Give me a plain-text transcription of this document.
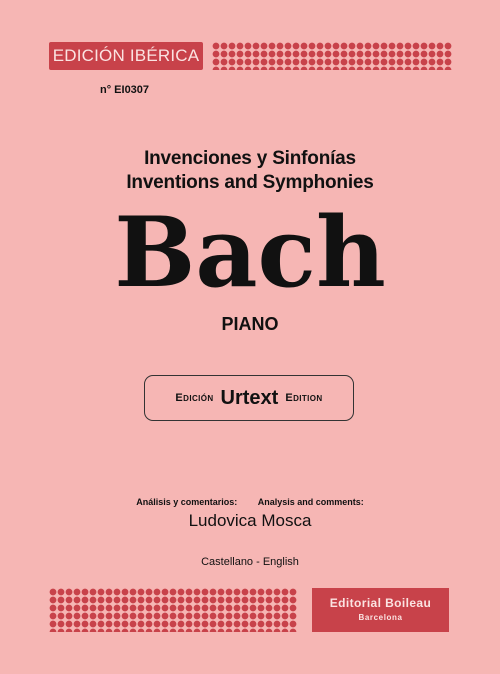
EDICIÓN IBÉRICA
n° EI0307
Invenciones y Sinfonías
Inventions and Symphonies
Bach
PIANO
Edición Urtext Edition
Análisis y comentarios: Analysis and comments:
Ludovica Mosca
Castellano - English
Editorial Boileau
Barcelona
